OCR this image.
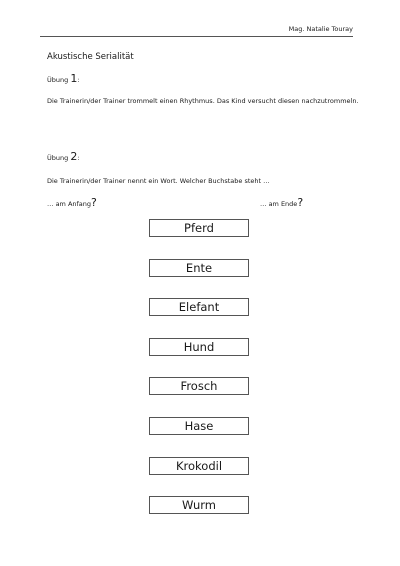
Mag. Natalie Touray
Akustische Serialität
Übung 1:
Die Trainerin/der Trainer trommelt einen Rhythmus. Das Kind versucht diesen nachzutrommeln.
Übung 2:
Die Trainerin/der Trainer nennt ein Wort. Welcher Buchstabe steht …
… am Anfang?	… am Ende?
Pferd
Ente
Elefant
Hund
Frosch
Hase
Krokodil
Wurm
